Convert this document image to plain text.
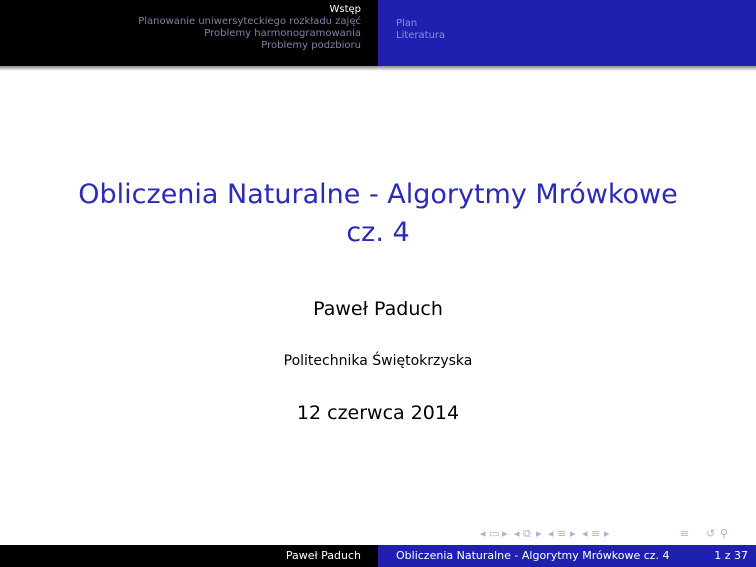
Wstęp
Planowanie uniwersyteckiego rozkładu zajęć
Problemy harmonogramowania
Problemy podzbioru
Plan
Literatura
Obliczenia Naturalne - Algorytmy Mrówkowe
cz. 4
Paweł Paduch
Politechnika Świętokrzyska
12 czerwca 2014
◂ ▭ ▸ ◂ ⧉ ▸ ◂ ≡ ▸ ◂ ≡ ▸	≡ ↺ ⚲
Paweł Paduch	Obliczenia Naturalne - Algorytmy Mrówkowe cz. 4	1 z 37
